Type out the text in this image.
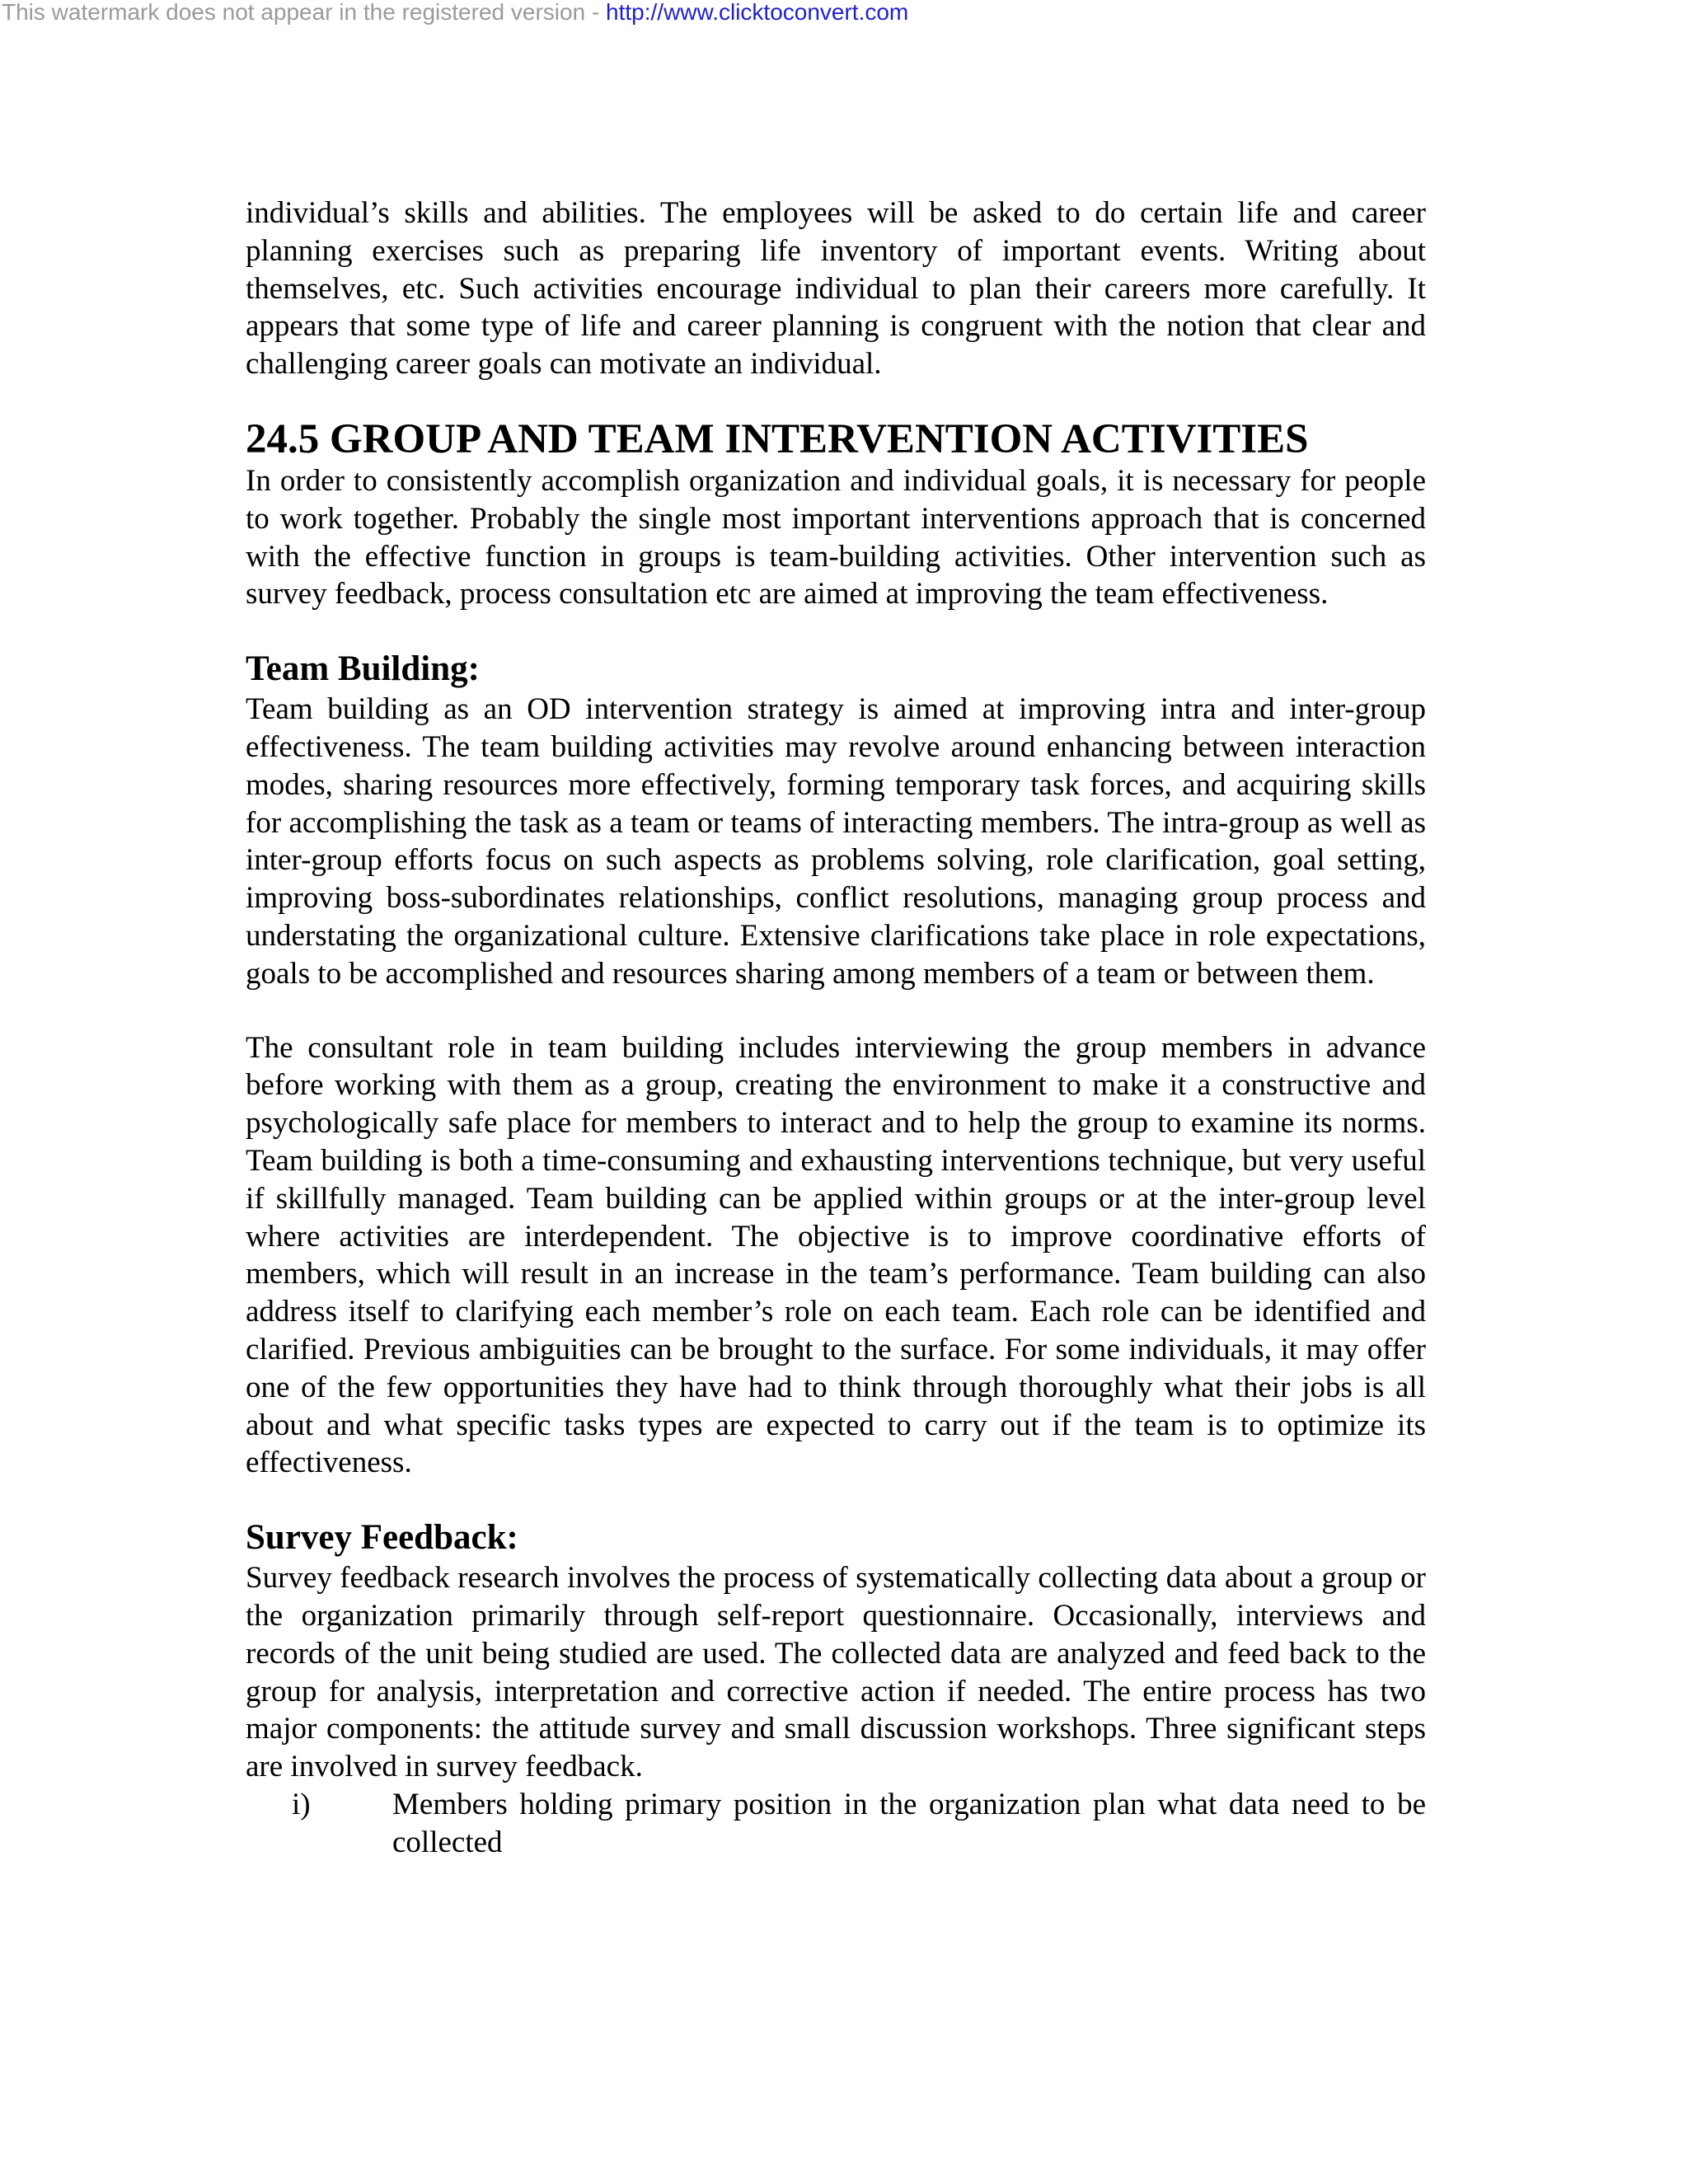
This watermark does not appear in the registered version - http://www.clicktoconvert.com

individual’s skills and abilities. The employees will be asked to do certain life and career planning exercises such as preparing life inventory of important events. Writing about themselves, etc. Such activities encourage individual to plan their careers more carefully. It appears that some type of life and career planning is congruent with the notion that clear and challenging career goals can motivate an individual.

24.5 GROUP AND TEAM INTERVENTION ACTIVITIES

In order to consistently accomplish organization and individual goals, it is necessary for people to work together. Probably the single most important interventions approach that is concerned with the effective function in groups is team-building activities. Other intervention such as survey feedback, process consultation etc are aimed at improving the team effectiveness.

Team Building:

Team building as an OD intervention strategy is aimed at improving intra and inter-group effectiveness. The team building activities may revolve around enhancing between interaction modes, sharing resources more effectively, forming temporary task forces, and acquiring skills for accomplishing the task as a team or teams of interacting members. The intra-group as well as inter-group efforts focus on such aspects as problems solving, role clarification, goal setting, improving boss-subordinates relationships, conflict resolutions, managing group process and understating the organizational culture. Extensive clarifications take place in role expectations, goals to be accomplished and resources sharing among members of a team or between them.

The consultant role in team building includes interviewing the group members in advance before working with them as a group, creating the environment to make it a constructive and psychologically safe place for members to interact and to help the group to examine its norms. Team building is both a time-consuming and exhausting interventions technique, but very useful if skillfully managed. Team building can be applied within groups or at the inter-group level where activities are interdependent. The objective is to improve coordinative efforts of members, which will result in an increase in the team’s performance. Team building can also address itself to clarifying each member’s role on each team. Each role can be identified and clarified. Previous ambiguities can be brought to the surface. For some individuals, it may offer one of the few opportunities they have had to think through thoroughly what their jobs is all about and what specific tasks types are expected to carry out if the team is to optimize its effectiveness.

Survey Feedback:

Survey feedback research involves the process of systematically collecting data about a group or the organization primarily through self-report questionnaire. Occasionally, interviews and records of the unit being studied are used. The collected data are analyzed and feed back to the group for analysis, interpretation and corrective action if needed. The entire process has two major components: the attitude survey and small discussion workshops. Three significant steps are involved in survey feedback.

i)	Members holding primary position in the organization plan what data need to be collected
